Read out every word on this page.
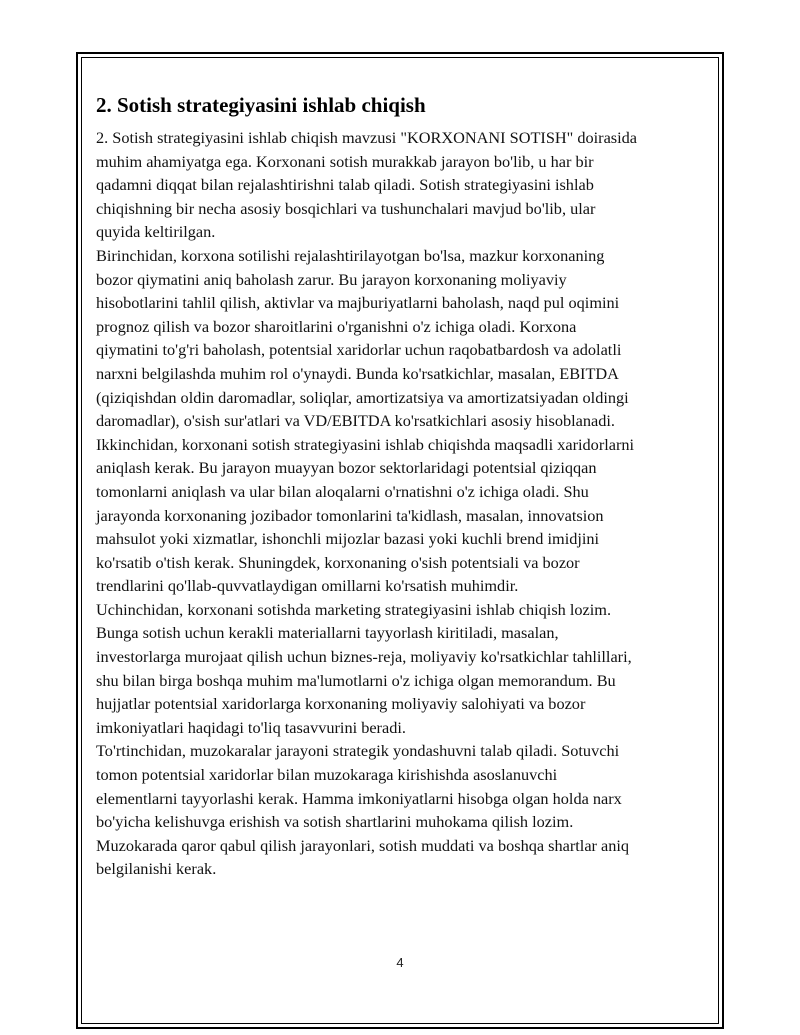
2. Sotish strategiyasini ishlab chiqish

2. Sotish strategiyasini ishlab chiqish mavzusi "KORXONANI SOTISH" doirasida
muhim ahamiyatga ega. Korxonani sotish murakkab jarayon bo'lib, u har bir
qadamni diqqat bilan rejalashtirishni talab qiladi. Sotish strategiyasini ishlab
chiqishning bir necha asosiy bosqichlari va tushunchalari mavjud bo'lib, ular
quyida keltirilgan.

Birinchidan, korxona sotilishi rejalashtirilayotgan bo'lsa, mazkur korxonaning
bozor qiymatini aniq baholash zarur. Bu jarayon korxonaning moliyaviy
hisobotlarini tahlil qilish, aktivlar va majburiyatlarni baholash, naqd pul oqimini
prognoz qilish va bozor sharoitlarini o'rganishni o'z ichiga oladi. Korxona
qiymatini to'g'ri baholash, potentsial xaridorlar uchun raqobatbardosh va adolatli
narxni belgilashda muhim rol o'ynaydi. Bunda ko'rsatkichlar, masalan, EBITDA
(qiziqishdan oldin daromadlar, soliqlar, amortizatsiya va amortizatsiyadan oldingi
daromadlar), o'sish sur'atlari va VD/EBITDA ko'rsatkichlari asosiy hisoblanadi.

Ikkinchidan, korxonani sotish strategiyasini ishlab chiqishda maqsadli xaridorlarni
aniqlash kerak. Bu jarayon muayyan bozor sektorlaridagi potentsial qiziqqan
tomonlarni aniqlash va ular bilan aloqalarni o'rnatishni o'z ichiga oladi. Shu
jarayonda korxonaning jozibador tomonlarini ta'kidlash, masalan, innovatsion
mahsulot yoki xizmatlar, ishonchli mijozlar bazasi yoki kuchli brend imidjini
ko'rsatib o'tish kerak. Shuningdek, korxonaning o'sish potentsiali va bozor
trendlarini qo'llab-quvvatlaydigan omillarni ko'rsatish muhimdir.

Uchinchidan, korxonani sotishda marketing strategiyasini ishlab chiqish lozim.
Bunga sotish uchun kerakli materiallarni tayyorlash kiritiladi, masalan,
investorlarga murojaat qilish uchun biznes-reja, moliyaviy ko'rsatkichlar tahlillari,
shu bilan birga boshqa muhim ma'lumotlarni o'z ichiga olgan memorandum. Bu
hujjatlar potentsial xaridorlarga korxonaning moliyaviy salohiyati va bozor
imkoniyatlari haqidagi to'liq tasavvurini beradi.

To'rtinchidan, muzokaralar jarayoni strategik yondashuvni talab qiladi. Sotuvchi
tomon potentsial xaridorlar bilan muzokaraga kirishishda asoslanuvchi
elementlarni tayyorlashi kerak. Hamma imkoniyatlarni hisobga olgan holda narx
bo'yicha kelishuvga erishish va sotish shartlarini muhokama qilish lozim.
Muzokarada qaror qabul qilish jarayonlari, sotish muddati va boshqa shartlar aniq
belgilanishi kerak.

4
